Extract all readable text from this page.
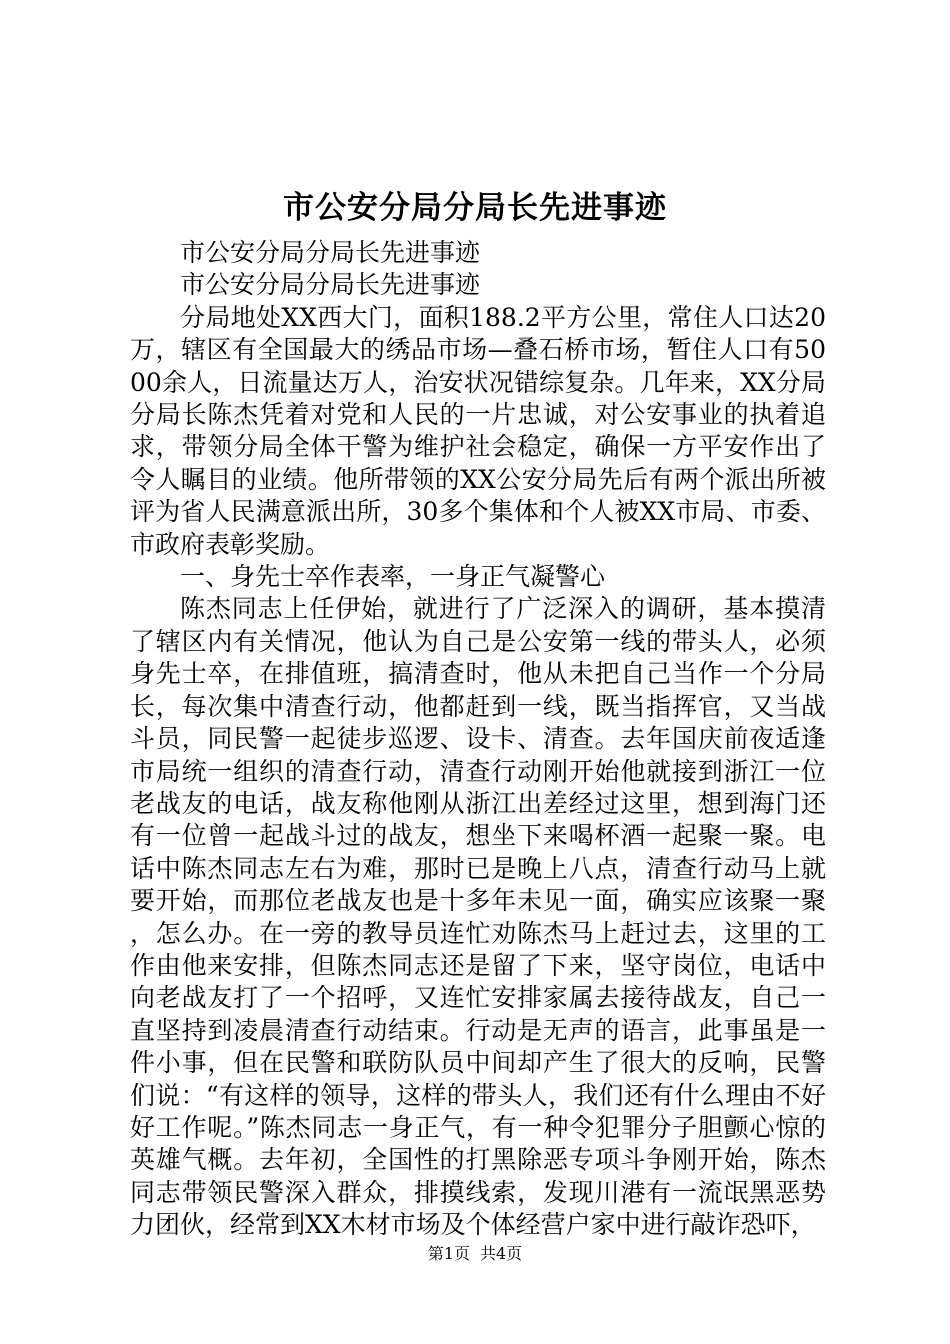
市公安分局分局长先进事迹

市公安分局分局长先进事迹

市公安分局分局长先进事迹

分局地处XX西大门，面积188.2平方公里，常住人口达20万，辖区有全国最大的绣品市场—叠石桥市场，暂住人口有5000余人，日流量达万人，治安状况错综复杂。几年来，XX分局分局长陈杰凭着对党和人民的一片忠诚，对公安事业的执着追求，带领分局全体干警为维护社会稳定，确保一方平安作出了令人瞩目的业绩。他所带领的XX公安分局先后有两个派出所被评为省人民满意派出所，30多个集体和个人被XX市局、市委、市政府表彰奖励。

一、身先士卒作表率，一身正气凝警心

陈杰同志上任伊始，就进行了广泛深入的调研，基本摸清了辖区内有关情况，他认为自己是公安第一线的带头人，必须身先士卒，在排值班，搞清查时，他从未把自己当作一个分局长，每次集中清查行动，他都赶到一线，既当指挥官，又当战斗员，同民警一起徒步巡逻、设卡、清查。去年国庆前夜适逢市局统一组织的清查行动，清查行动刚开始他就接到浙江一位老战友的电话，战友称他刚从浙江出差经过这里，想到海门还有一位曾一起战斗过的战友，想坐下来喝杯酒一起聚一聚。电话中陈杰同志左右为难，那时已是晚上八点，清查行动马上就要开始，而那位老战友也是十多年未见一面，确实应该聚一聚，怎么办。在一旁的教导员连忙劝陈杰马上赶过去，这里的工作由他来安排，但陈杰同志还是留了下来，坚守岗位，电话中向老战友打了一个招呼，又连忙安排家属去接待战友，自己一直坚持到凌晨清查行动结束。行动是无声的语言，此事虽是一件小事，但在民警和联防队员中间却产生了很大的反响，民警们说：“有这样的领导，这样的带头人，我们还有什么理由不好好工作呢。”陈杰同志一身正气，有一种令犯罪分子胆颤心惊的英雄气概。去年初，全国性的打黑除恶专项斗争刚开始，陈杰同志带领民警深入群众，排摸线索，发现川港有一流氓黑恶势力团伙，经常到XX木材市场及个体经营户家中进行敲诈恐吓，

第1页 共4页
